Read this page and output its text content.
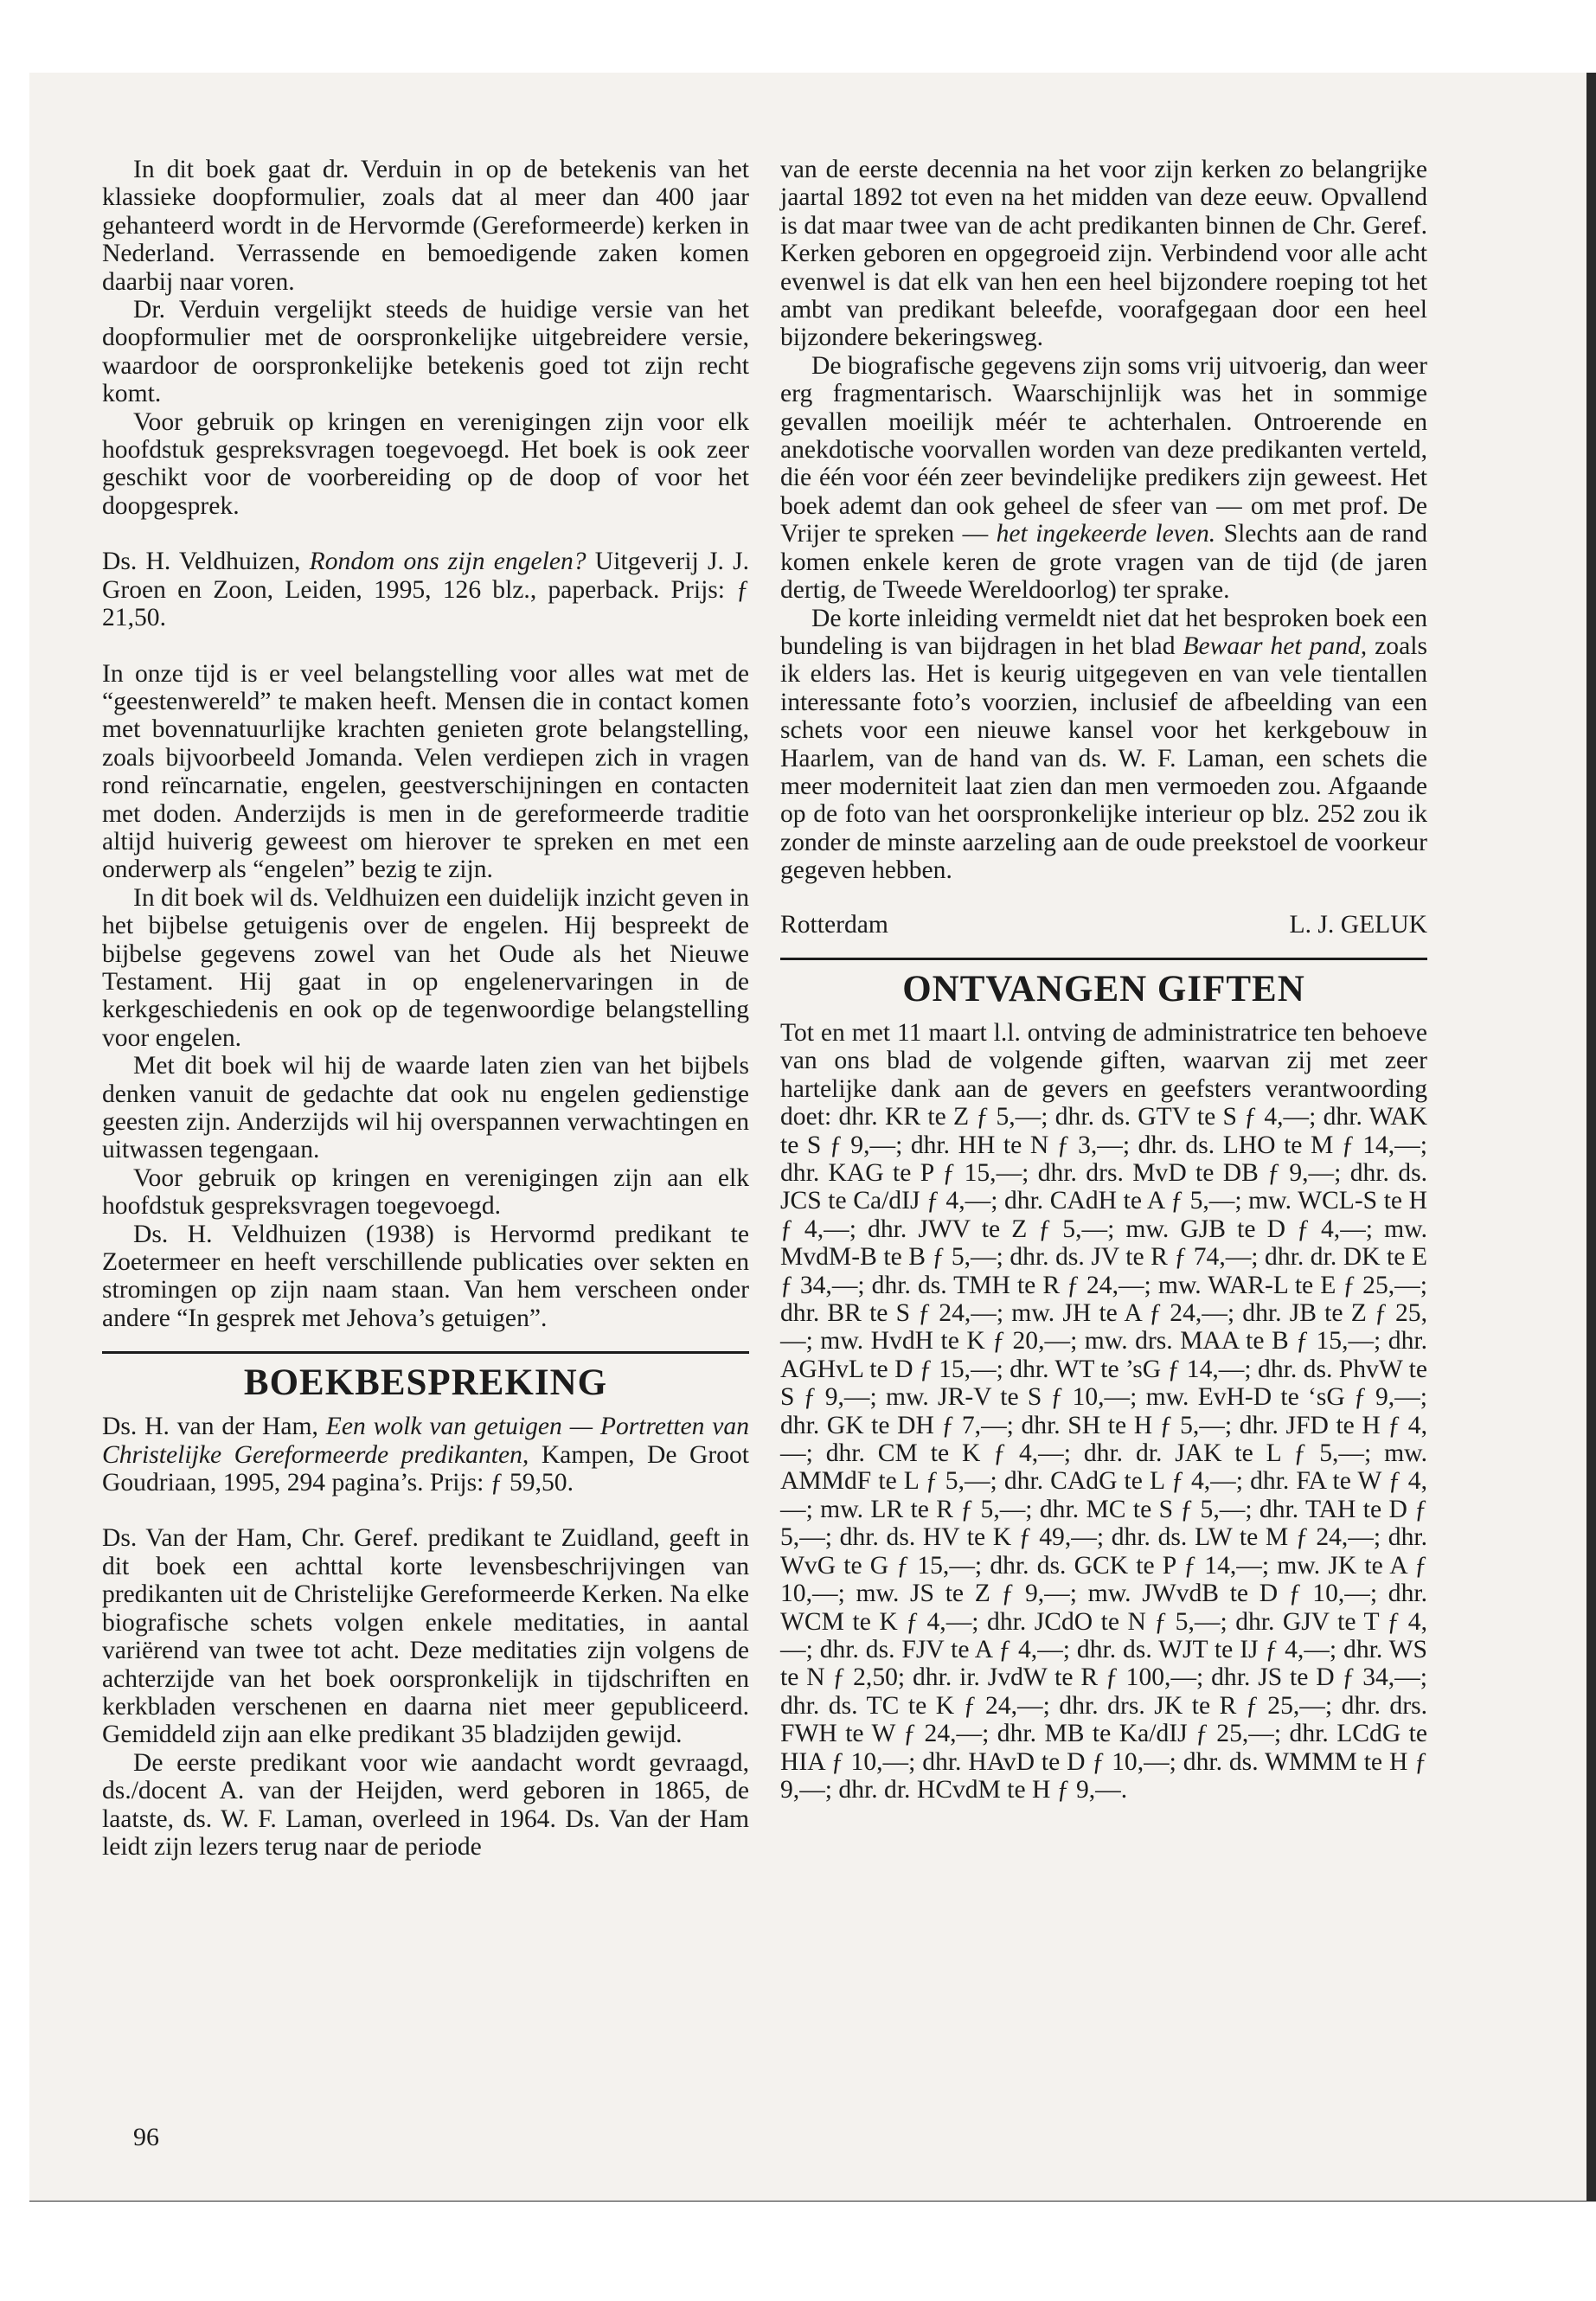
In dit boek gaat dr. Verduin in op de betekenis van het klassieke doopformulier, zoals dat al meer dan 400 jaar gehanteerd wordt in de Hervormde (Gereformeerde) kerken in Nederland. Verrassende en bemoedigende zaken komen daarbij naar voren.

Dr. Verduin vergelijkt steeds de huidige versie van het doopformulier met de oorspronkelijke uitgebreidere versie, waardoor de oorspronkelijke betekenis goed tot zijn recht komt.

Voor gebruik op kringen en verenigingen zijn voor elk hoofdstuk gespreksvragen toegevoegd. Het boek is ook zeer geschikt voor de voorbereiding op de doop of voor het doopgesprek.

Ds. H. Veldhuizen, Rondom ons zijn engelen? Uitgeverij J. J. Groen en Zoon, Leiden, 1995, 126 blz., paperback. Prijs: ƒ 21,50.

In onze tijd is er veel belangstelling voor alles wat met de “geestenwereld” te maken heeft. Mensen die in contact komen met bovennatuurlijke krachten genieten grote belangstelling, zoals bijvoorbeeld Jomanda. Velen verdiepen zich in vragen rond reïncarnatie, engelen, geestverschijningen en contacten met doden. Anderzijds is men in de gereformeerde traditie altijd huiverig geweest om hierover te spreken en met een onderwerp als “engelen” bezig te zijn.

In dit boek wil ds. Veldhuizen een duidelijk inzicht geven in het bijbelse getuigenis over de engelen. Hij bespreekt de bijbelse gegevens zowel van het Oude als het Nieuwe Testament. Hij gaat in op engelenervaringen in de kerkgeschiedenis en ook op de tegenwoordige belangstelling voor engelen.

Met dit boek wil hij de waarde laten zien van het bijbels denken vanuit de gedachte dat ook nu engelen gedienstige geesten zijn. Anderzijds wil hij overspannen verwachtingen en uitwassen tegengaan.

Voor gebruik op kringen en verenigingen zijn aan elk hoofdstuk gespreksvragen toegevoegd.

Ds. H. Veldhuizen (1938) is Hervormd predikant te Zoetermeer en heeft verschillende publicaties over sekten en stromingen op zijn naam staan. Van hem verscheen onder andere “In gesprek met Jehova’s getuigen”.

BOEKBESPREKING

Ds. H. van der Ham, Een wolk van getuigen — Portretten van Christelijke Gereformeerde predikanten, Kampen, De Groot Goudriaan, 1995, 294 pagina’s. Prijs: ƒ 59,50.

Ds. Van der Ham, Chr. Geref. predikant te Zuidland, geeft in dit boek een achttal korte levensbeschrijvingen van predikanten uit de Christelijke Gereformeerde Kerken. Na elke biografische schets volgen enkele meditaties, in aantal variërend van twee tot acht. Deze meditaties zijn volgens de achterzijde van het boek oorspronkelijk in tijdschriften en kerkbladen verschenen en daarna niet meer gepubliceerd. Gemiddeld zijn aan elke predikant 35 bladzijden gewijd.

De eerste predikant voor wie aandacht wordt gevraagd, ds./docent A. van der Heijden, werd geboren in 1865, de laatste, ds. W. F. Laman, overleed in 1964. Ds. Van der Ham leidt zijn lezers terug naar de periode

van de eerste decennia na het voor zijn kerken zo belangrijke jaartal 1892 tot even na het midden van deze eeuw. Opvallend is dat maar twee van de acht predikanten binnen de Chr. Geref. Kerken geboren en opgegroeid zijn. Verbindend voor alle acht evenwel is dat elk van hen een heel bijzondere roeping tot het ambt van predikant beleefde, voorafgegaan door een heel bijzondere bekeringsweg.

De biografische gegevens zijn soms vrij uitvoerig, dan weer erg fragmentarisch. Waarschijnlijk was het in sommige gevallen moeilijk méér te achterhalen. Ontroerende en anekdotische voorvallen worden van deze predikanten verteld, die één voor één zeer bevindelijke predikers zijn geweest. Het boek ademt dan ook geheel de sfeer van — om met prof. De Vrijer te spreken — het ingekeerde leven. Slechts aan de rand komen enkele keren de grote vragen van de tijd (de jaren dertig, de Tweede Wereldoorlog) ter sprake.

De korte inleiding vermeldt niet dat het besproken boek een bundeling is van bijdragen in het blad Bewaar het pand, zoals ik elders las. Het is keurig uitgegeven en van vele tientallen interessante foto’s voorzien, inclusief de afbeelding van een schets voor een nieuwe kansel voor het kerkgebouw in Haarlem, van de hand van ds. W. F. Laman, een schets die meer moderniteit laat zien dan men vermoeden zou. Afgaande op de foto van het oorspronkelijke interieur op blz. 252 zou ik zonder de minste aarzeling aan de oude preekstoel de voorkeur gegeven hebben.

Rotterdam	L. J. GELUK
ONTVANGEN GIFTEN

Tot en met 11 maart l.l. ontving de administratrice ten behoeve van ons blad de volgende giften, waarvan zij met zeer hartelijke dank aan de gevers en geefsters verantwoording doet: dhr. KR te Z ƒ 5,—; dhr. ds. GTV te S ƒ 4,—; dhr. WAK te S ƒ 9,—; dhr. HH te N ƒ 3,—; dhr. ds. LHO te M ƒ 14,—; dhr. KAG te P ƒ 15,—; dhr. drs. MvD te DB ƒ 9,—; dhr. ds. JCS te Ca/dIJ ƒ 4,—; dhr. CAdH te A ƒ 5,—; mw. WCL-S te H ƒ 4,—; dhr. JWV te Z ƒ 5,—; mw. GJB te D ƒ 4,—; mw. MvdM-B te B ƒ 5,—; dhr. ds. JV te R ƒ 74,—; dhr. dr. DK te E ƒ 34,—; dhr. ds. TMH te R ƒ 24,—; mw. WAR-L te E ƒ 25,—; dhr. BR te S ƒ 24,—; mw. JH te A ƒ 24,—; dhr. JB te Z ƒ 25,—; mw. HvdH te K ƒ 20,—; mw. drs. MAA te B ƒ 15,—; dhr. AGHvL te D ƒ 15,—; dhr. WT te ’sG ƒ 14,—; dhr. ds. PhvW te S ƒ 9,—; mw. JR-V te S ƒ 10,—; mw. EvH-D te ‘sG ƒ 9,—; dhr. GK te DH ƒ 7,—; dhr. SH te H ƒ 5,—; dhr. JFD te H ƒ 4,—; dhr. CM te K ƒ 4,—; dhr. dr. JAK te L ƒ 5,—; mw. AMMdF te L ƒ 5,—; dhr. CAdG te L ƒ 4,—; dhr. FA te W ƒ 4,—; mw. LR te R ƒ 5,—; dhr. MC te S ƒ 5,—; dhr. TAH te D ƒ 5,—; dhr. ds. HV te K ƒ 49,—; dhr. ds. LW te M ƒ 24,—; dhr. WvG te G ƒ 15,—; dhr. ds. GCK te P ƒ 14,—; mw. JK te A ƒ 10,—; mw. JS te Z ƒ 9,—; mw. JWvdB te D ƒ 10,—; dhr. WCM te K ƒ 4,—; dhr. JCdO te N ƒ 5,—; dhr. GJV te T ƒ 4,—; dhr. ds. FJV te A ƒ 4,—; dhr. ds. WJT te IJ ƒ 4,—; dhr. WS te N ƒ 2,50; dhr. ir. JvdW te R ƒ 100,—; dhr. JS te D ƒ 34,—; dhr. ds. TC te K ƒ 24,—; dhr. drs. JK te R ƒ 25,—; dhr. drs. FWH te W ƒ 24,—; dhr. MB te Ka/dIJ ƒ 25,—; dhr. LCdG te HIA ƒ 10,—; dhr. HAvD te D ƒ 10,—; dhr. ds. WMMM te H ƒ 9,—; dhr. dr. HCvdM te H ƒ 9,—.

96
